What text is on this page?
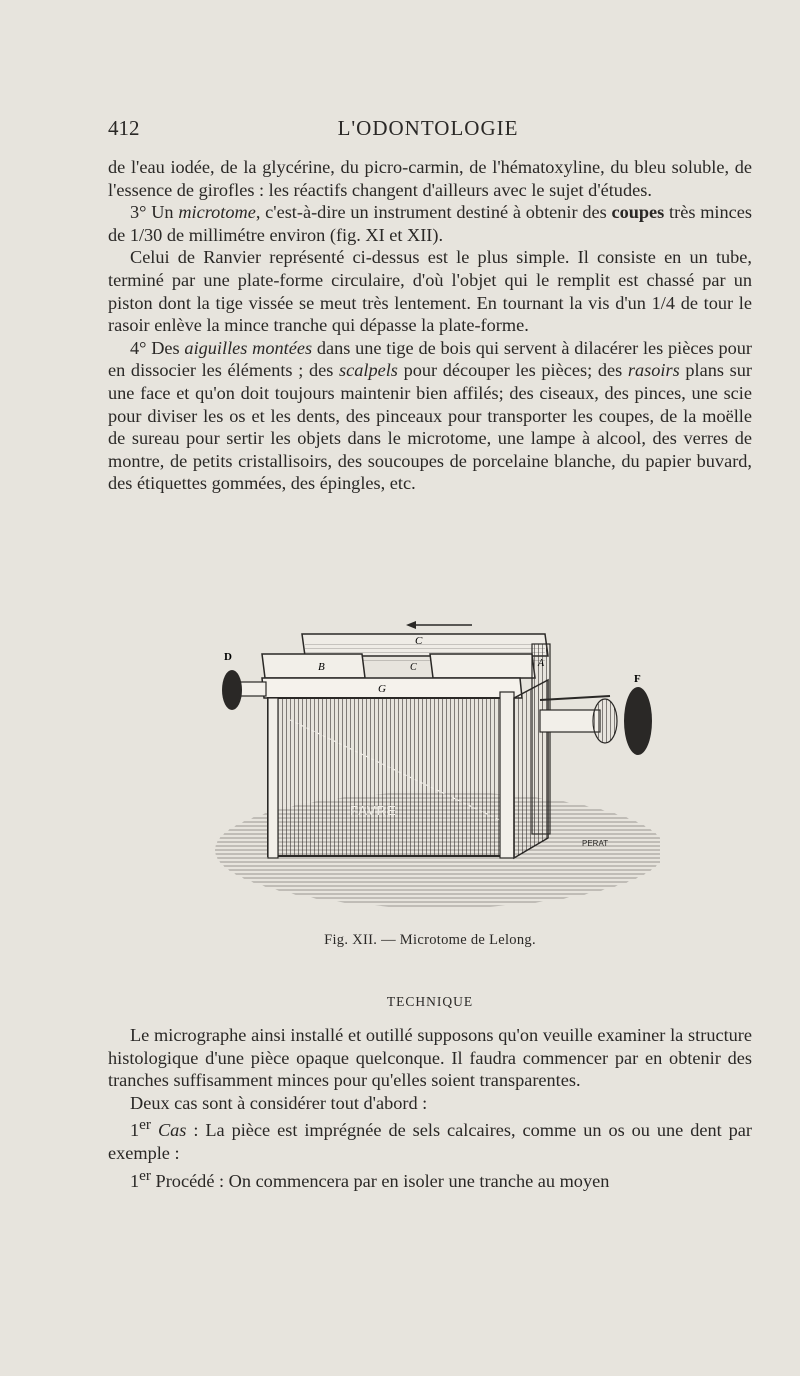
412	L'ODONTOLOGIE

de l'eau iodée, de la glycérine, du picro-carmin, de l'hématoxyline, du bleu soluble, de l'essence de girofles : les réactifs changent d'ailleurs avec le sujet d'études.

3° Un microtome, c'est-à-dire un instrument destiné à obtenir des coupes très minces de 1/30 de millimétre environ (fig. XI et XII).

Celui de Ranvier représenté ci-dessus est le plus simple. Il consiste en un tube, terminé par une plate-forme circulaire, d'où l'objet qui le remplit est chassé par un piston dont la tige vissée se meut très lentement. En tournant la vis d'un 1/4 de tour le rasoir enlève la mince tranche qui dépasse la plate-forme.

4° Des aiguilles montées dans une tige de bois qui servent à dilacérer les pièces pour en dissocier les éléments ; des scalpels pour découper les pièces; des rasoirs plans sur une face et qu'on doit toujours maintenir bien affilés; des ciseaux, des pinces, une scie pour diviser les os et les dents, des pinceaux pour transporter les coupes, de la moëlle de sureau pour sertir les objets dans le microtome, une lampe à alcool, des verres de montre, de petits cristallisoirs, des soucoupes de porcelaine blanche, du papier buvard, des étiquettes gommées, des épingles, etc.

FAVRE
C
B	C
G
A
D
F
PERAT
Fig. XII. — Microtome de Lelong.
TECHNIQUE

Le micrographe ainsi installé et outillé supposons qu'on veuille examiner la structure histologique d'une pièce opaque quelconque. Il faudra commencer par en obtenir des tranches suffisamment minces pour qu'elles soient transparentes.

Deux cas sont à considérer tout d'abord :

1er Cas : La pièce est imprégnée de sels calcaires, comme un os ou une dent par exemple :

1er Procédé : On commencera par en isoler une tranche au moyen
